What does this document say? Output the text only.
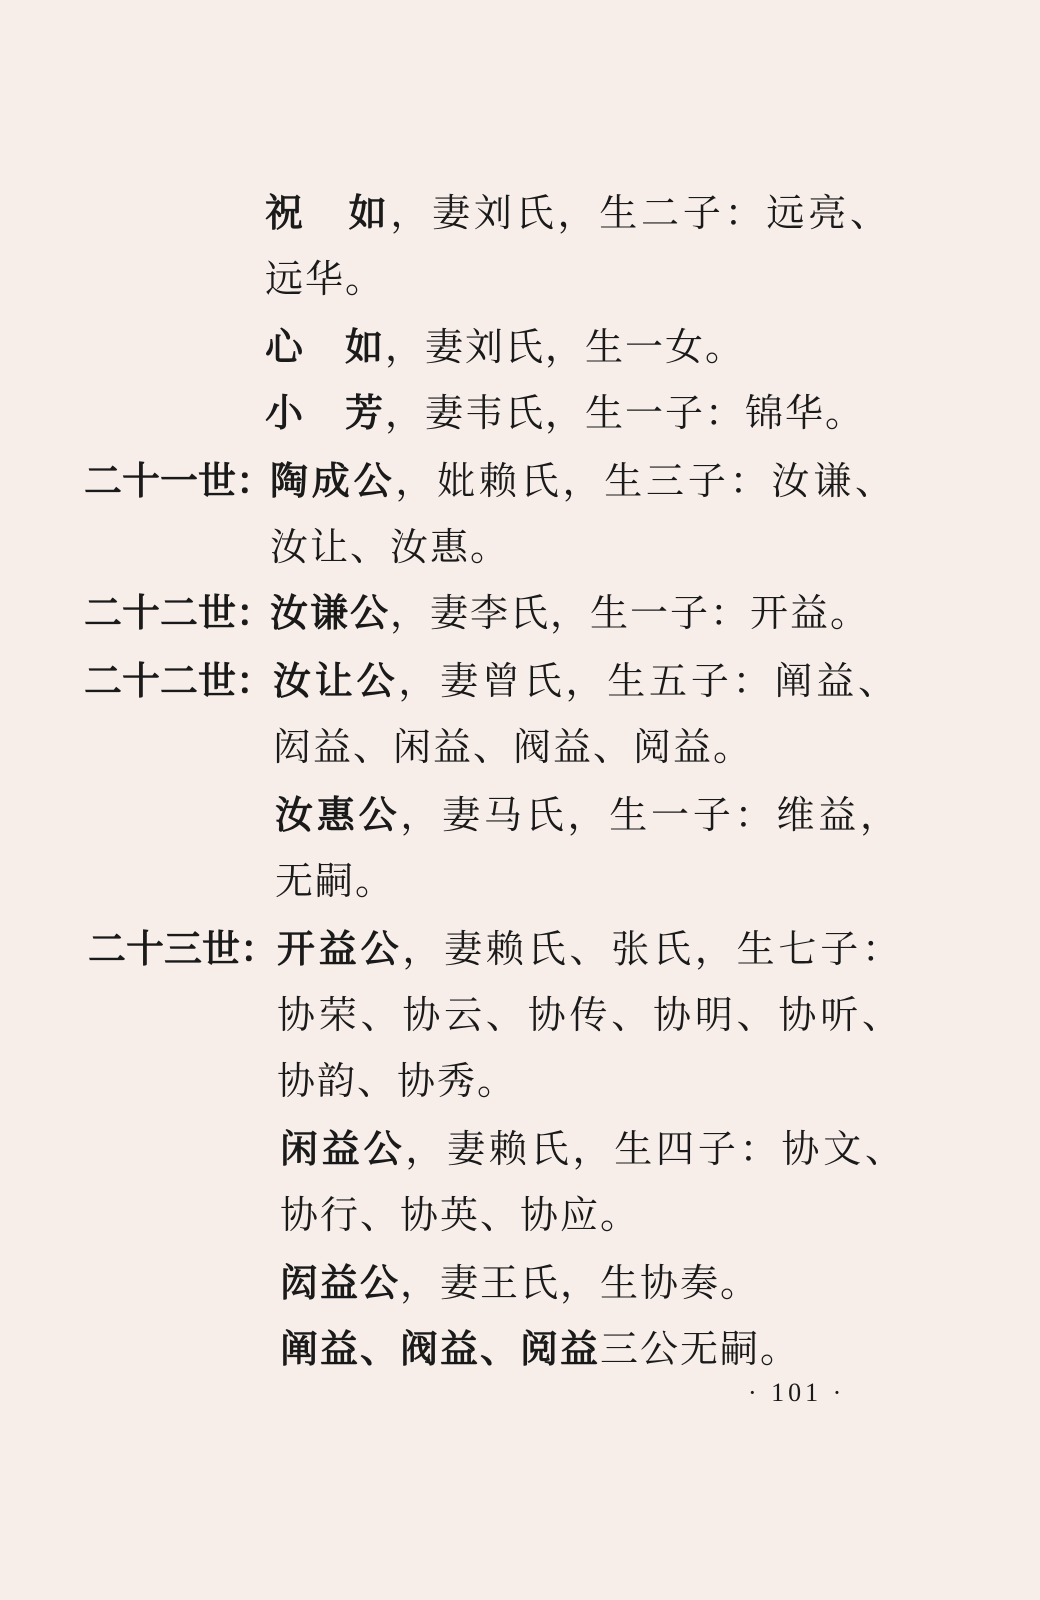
祝　如，妻刘氏，生二子：远亮、远华。
心　如，妻刘氏，生一女。
小　芳，妻韦氏，生一子：锦华。
二十一世：
陶成公，妣赖氏，生三子：汝谦、汝让、汝惠。
二十二世：
汝谦公，妻李氏，生一子：开益。
二十二世：
汝让公，妻曾氏，生五子：阐益、闳益、闲益、阀益、阅益。
汝惠公，妻马氏，生一子：维益，无嗣。
二十三世：
开益公，妻赖氏、张氏，生七子：协荣、协云、协传、协明、协听、协韵、协秀。
闲益公，妻赖氏，生四子：协文、协行、协英、协应。
闳益公，妻王氏，生协奏。
阐益、阀益、阅益三公无嗣。
· 101 ·
